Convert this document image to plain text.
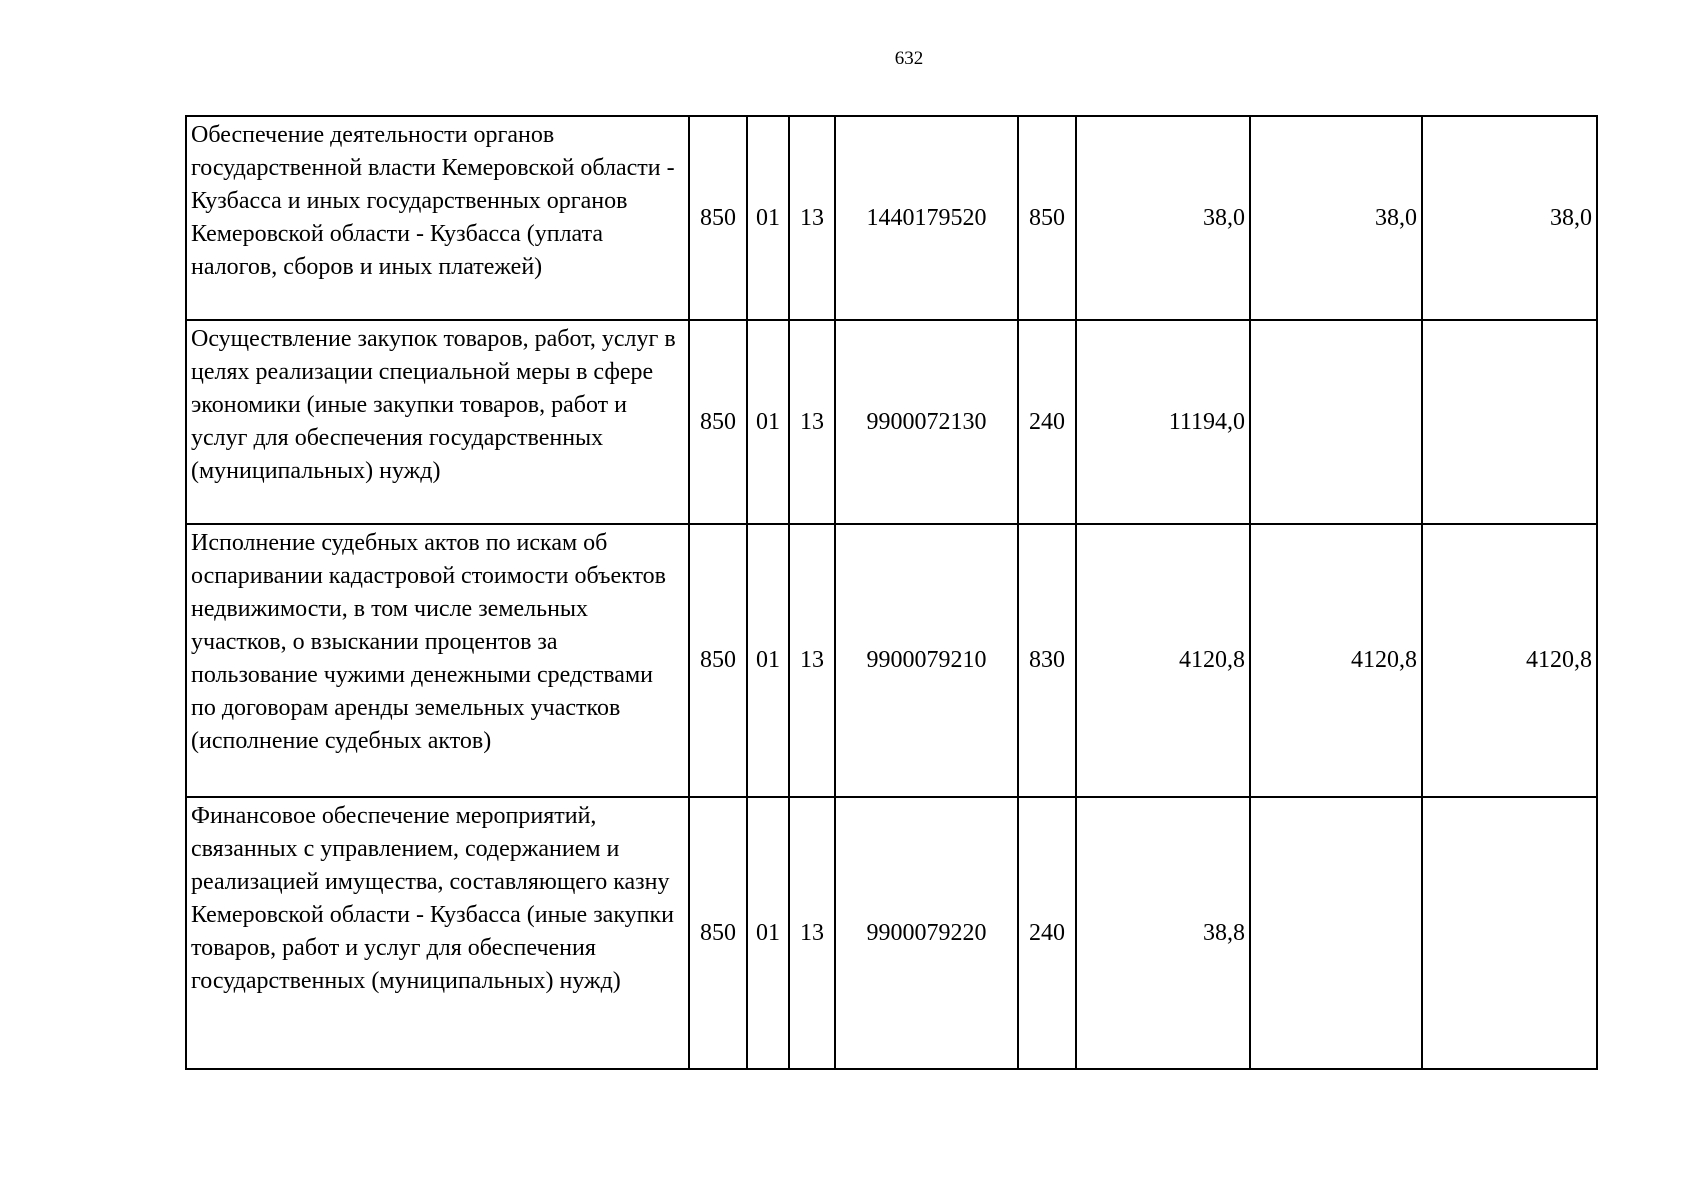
632
Обеспечение деятельности органов государственной власти Кемеровской области - Кузбасса и иных государственных органов Кемеровской области - Кузбасса (уплата налогов, сборов и иных платежей)	850	01	13	1440179520	850	38,0	38,0	38,0
Осуществление закупок товаров, работ, услуг в целях реализации специальной меры в сфере экономики (иные закупки товаров, работ и услуг для обеспечения государственных (муниципальных) нужд)	850	01	13	9900072130	240	11194,0		
Исполнение судебных актов по искам об оспаривании кадастровой стоимости объектов недвижимости, в том числе земельных участков, о взыскании процентов за пользование чужими денежными средствами по договорам аренды земельных участков (исполнение судебных актов)	850	01	13	9900079210	830	4120,8	4120,8	4120,8
Финансовое обеспечение мероприятий, связанных с управлением, содержанием и реализацией имущества, составляющего казну Кемеровской области - Кузбасса (иные закупки товаров, работ и услуг для обеспечения государственных (муниципальных) нужд)	850	01	13	9900079220	240	38,8		
